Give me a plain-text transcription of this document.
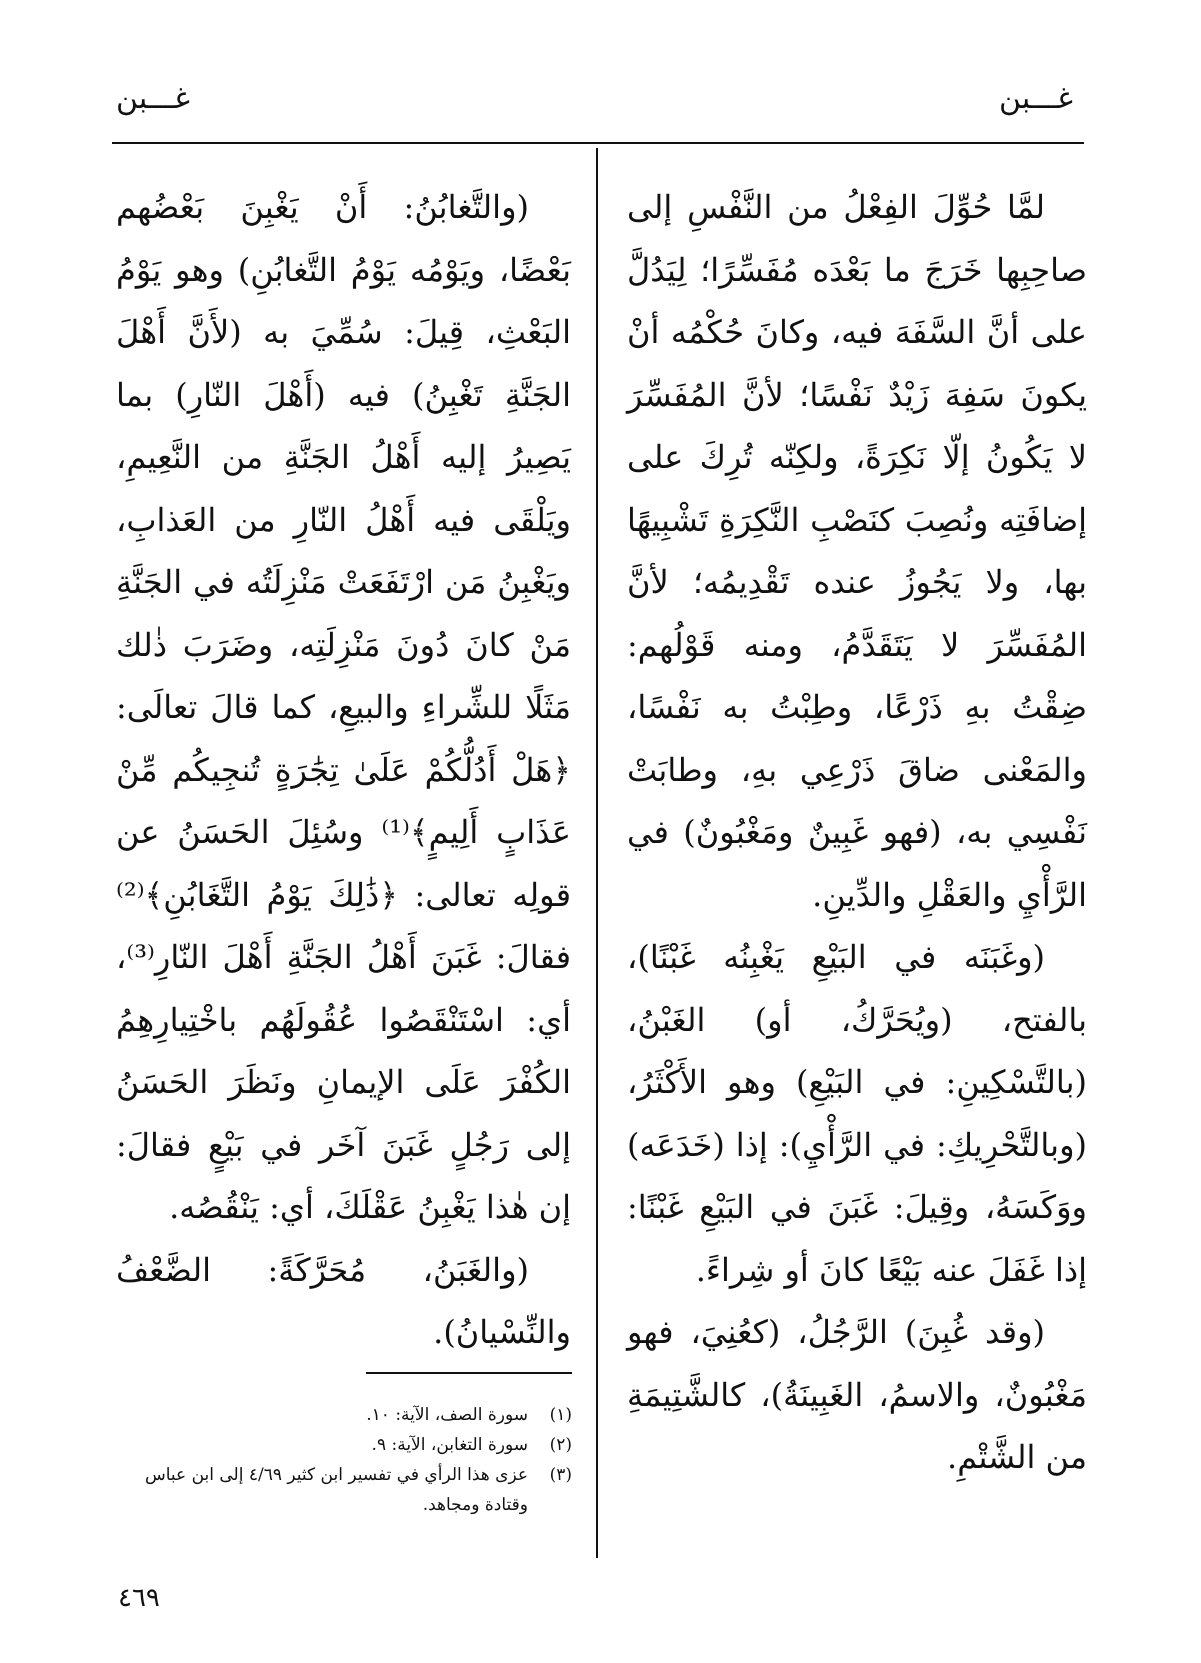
غـــبن
غـــبن

لمَّا حُوِّلَ الفِعْلُ من النَّفْسِ إلى صاحِبِها خَرَجَ ما بَعْدَه مُفَسِّرًا؛ لِيَدُلَّ على أنَّ السَّفَهَ فيه، وكانَ حُكْمُه أنْ يكونَ سَفِهَ زَيْدٌ نَفْسًا؛ لأنَّ المُفَسِّرَ لا يَكُونُ إلّا نَكِرَةً، ولكِنّه تُرِكَ على إضافَتِه ونُصِبَ كنَصْبِ النَّكِرَةِ تَشْبِيهًا بها، ولا يَجُوزُ عنده تَقْدِيمُه؛ لأنَّ المُفَسِّرَ لا يَتَقَدَّمُ، ومنه قَوْلُهم: ضِقْتُ بهِ ذَرْعًا، وطِبْتُ به نَفْسًا، والمَعْنى ضاقَ ذَرْعِي بهِ، وطابَتْ نَفْسِي به، (فهو غَبِينٌ ومَغْبُونٌ) في الرَّأْيِ والعَقْلِ والدِّينِ.

(وغَبَنَه في البَيْعِ يَغْبِنُه غَبْنًا)، بالفتح، (ويُحَرَّكُ، أو) الغَبْنُ، (بالتَّسْكِينِ: في البَيْعِ) وهو الأَكْثَرُ، (وبالتَّحْرِيكِ: في الرَّأْيِ): إذا (خَدَعَه) ووَكَسَهُ، وقِيلَ: غَبَنَ في البَيْعِ غَبْنًا: إذا غَفَلَ عنه بَيْعًا كانَ أو شِراءً.

(وقد غُبِنَ) الرَّجُلُ، (كعُنِيَ، فهو مَغْبُونٌ، والاسمُ، الغَبِينَةُ)، كالشَّتِيمَةِ من الشَّتْمِ.

(والتَّغابُنُ: أَنْ يَغْبِنَ بَعْضُهم بَعْضًا، ويَوْمُه يَوْمُ التَّغابُنِ) وهو يَوْمُ البَعْثِ، قِيلَ: سُمِّيَ به (لأَنَّ أَهْلَ الجَنَّةِ تَغْبِنُ) فيه (أَهْلَ النّارِ) بما يَصِيرُ إليه أَهْلُ الجَنَّةِ من النَّعِيمِ، ويَلْقَى فيه أَهْلُ النّارِ من العَذابِ، ويَغْبِنُ مَن ارْتَفَعَتْ مَنْزِلَتُه في الجَنَّةِ مَنْ كانَ دُونَ مَنْزِلَتِه، وضَرَبَ ذٰلك مَثَلًا للشِّراءِ والبيعِ، كما قالَ تعالَى: ﴿هَلْ أَدُلُّكُمْ عَلَىٰ تِجَٰرَةٍ تُنجِيكُم مِّنْ عَذَابٍ أَلِيمٍ﴾⁽¹⁾ وسُئِلَ الحَسَنُ عن قولِه تعالى: ﴿ذَٰلِكَ يَوْمُ التَّغَابُنِ﴾⁽²⁾ فقالَ: غَبَنَ أَهْلُ الجَنَّةِ أَهْلَ النّارِ⁽³⁾، أي: اسْتَنْقَصُوا عُقُولَهُم باخْتِيارِهِمُ الكُفْرَ عَلَى الإيمانِ ونَظَرَ الحَسَنُ إلى رَجُلٍ غَبَنَ آخَر في بَيْعٍ فقالَ: إن هٰذا يَغْبِنُ عَقْلَكَ، أي: يَنْقُصُه.

(والغَبَنُ، مُحَرَّكَةً: الضَّعْفُ والنِّسْيانُ).

(١)
سورة الصف، الآية: ١٠.

(٢)
سورة التغابن، الآية: ٩.

(٣)
عزى هذا الرأي في تفسير ابن كثير ٤/٦٩ إلى ابن عباس وقتادة ومجاهد.

٤٦٩
